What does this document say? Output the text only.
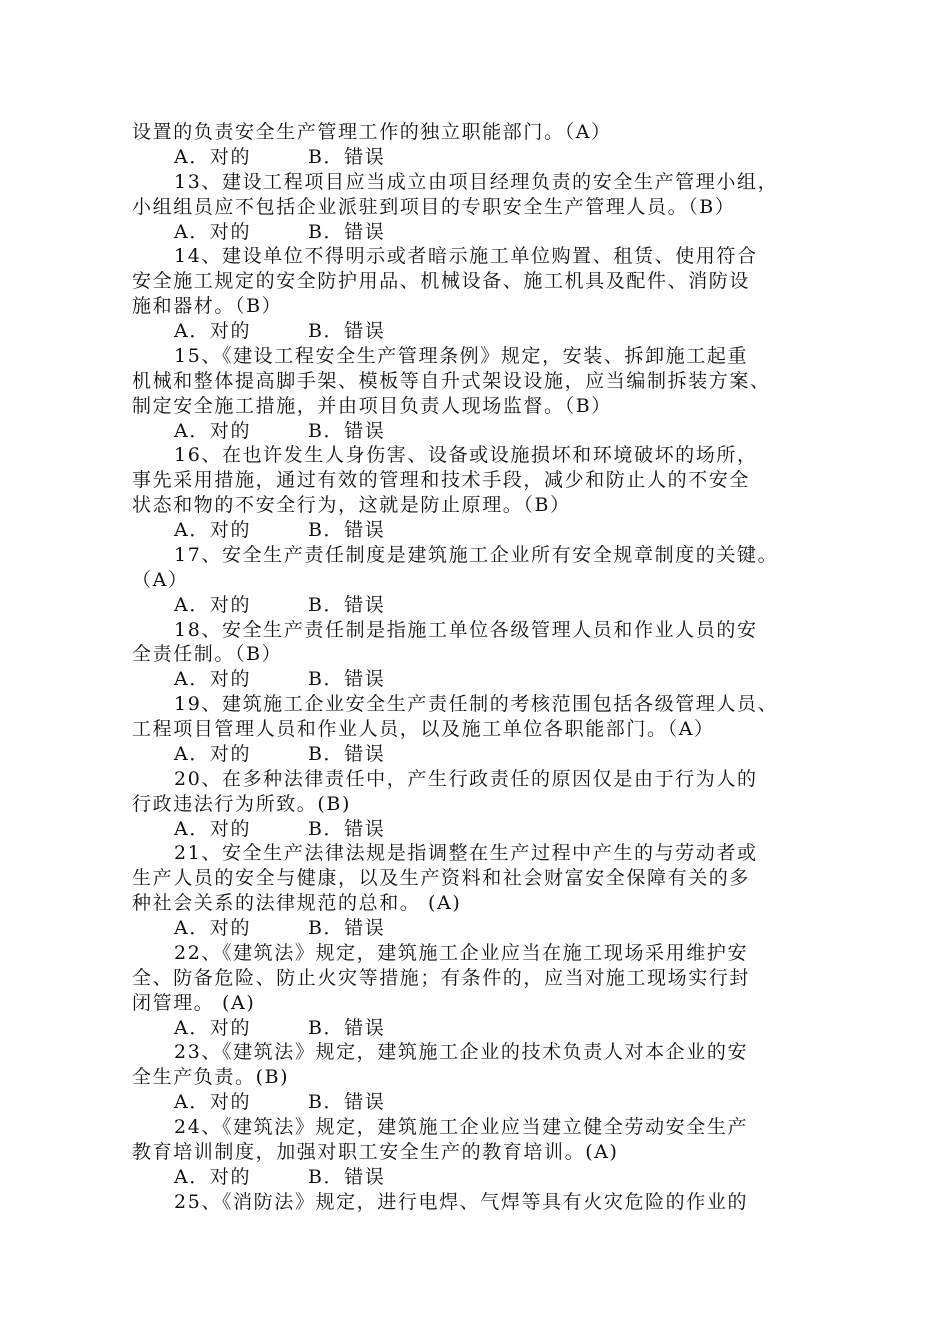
设置的负责安全生产管理工作的独立职能部门。（A）
A．对的	B．错误
13、建设工程项目应当成立由项目经理负责的安全生产管理小组，
小组组员应不包括企业派驻到项目的专职安全生产管理人员。（B）
A．对的	B．错误
14、建设单位不得明示或者暗示施工单位购置、租赁、使用符合
安全施工规定的安全防护用品、机械设备、施工机具及配件、消防设
施和器材。（B）
A．对的	B．错误
15、《建设工程安全生产管理条例》规定，安装、拆卸施工起重
机械和整体提高脚手架、模板等自升式架设设施，应当编制拆装方案、
制定安全施工措施，并由项目负责人现场监督。（B）
A．对的	B．错误
16、在也许发生人身伤害、设备或设施损坏和环境破坏的场所，
事先采用措施，通过有效的管理和技术手段，减少和防止人的不安全
状态和物的不安全行为，这就是防止原理。（B）
A．对的	B．错误
17、安全生产责任制度是建筑施工企业所有安全规章制度的关键。
（A）
A．对的	B．错误
18、安全生产责任制是指施工单位各级管理人员和作业人员的安
全责任制。（B）
A．对的	B．错误
19、建筑施工企业安全生产责任制的考核范围包括各级管理人员、
工程项目管理人员和作业人员，以及施工单位各职能部门。（A）
A．对的	B．错误
20、在多种法律责任中，产生行政责任的原因仅是由于行为人的
行政违法行为所致。(B)
A．对的	B．错误
21、安全生产法律法规是指调整在生产过程中产生的与劳动者或
生产人员的安全与健康，以及生产资料和社会财富安全保障有关的多
种社会关系的法律规范的总和。 (A)
A．对的	B．错误
22、《建筑法》规定，建筑施工企业应当在施工现场采用维护安
全、防备危险、防止火灾等措施；有条件的，应当对施工现场实行封
闭管理。 (A)
A．对的	B．错误
23、《建筑法》规定，建筑施工企业的技术负责人对本企业的安
全生产负责。(B)
A．对的	B．错误
24、《建筑法》规定，建筑施工企业应当建立健全劳动安全生产
教育培训制度，加强对职工安全生产的教育培训。(A)
A．对的	B．错误
25、《消防法》规定，进行电焊、气焊等具有火灾危险的作业的
